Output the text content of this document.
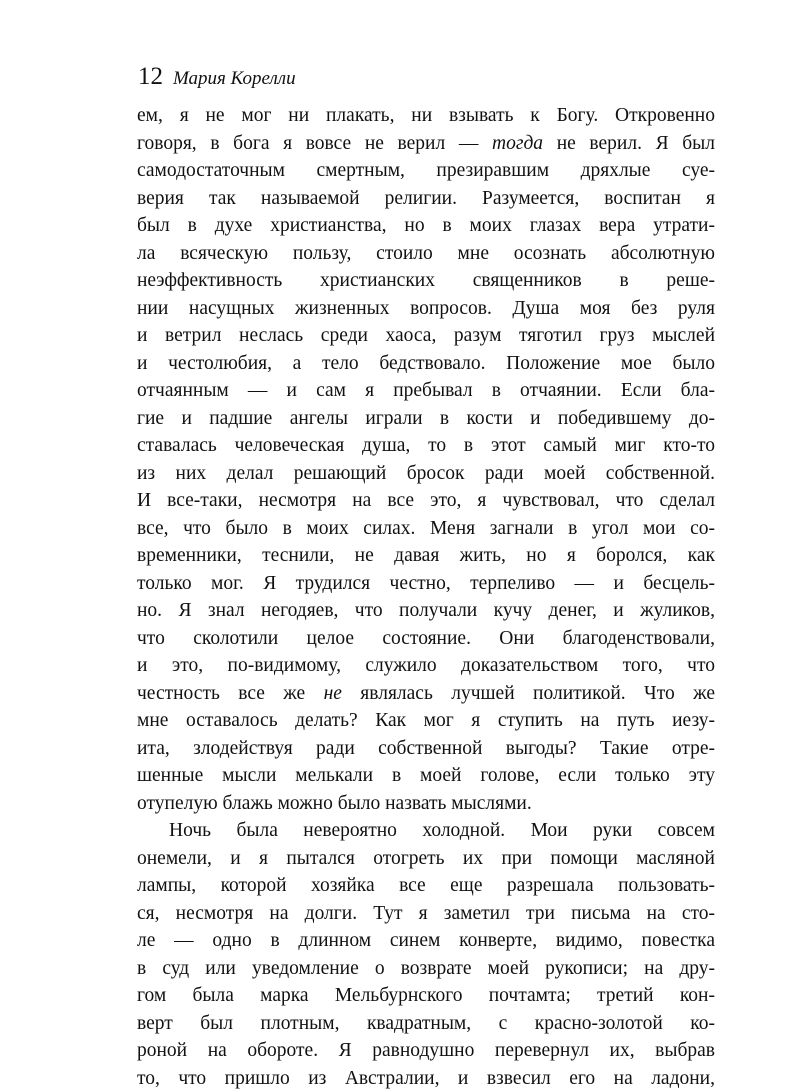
12 Мария Корелли
ем, я не мог ни плакать, ни взывать к Богу. Откровенно
говоря, в бога я вовсе не верил — тогда не верил. Я был
самодостаточным смертным, презиравшим дряхлые суе-
верия так называемой религии. Разумеется, воспитан я
был в духе христианства, но в моих глазах вера утрати-
ла всяческую пользу, стоило мне осознать абсолютную
неэффективность христианских священников в реше-
нии насущных жизненных вопросов. Душа моя без руля
и ветрил неслась среди хаоса, разум тяготил груз мыслей
и честолюбия, а тело бедствовало. Положение мое было
отчаянным — и сам я пребывал в отчаянии. Если бла-
гие и падшие ангелы играли в кости и победившему до-
ставалась человеческая душа, то в этот самый миг кто-то
из них делал решающий бросок ради моей собственной.
И все-таки, несмотря на все это, я чувствовал, что сделал
все, что было в моих силах. Меня загнали в угол мои со-
временники, теснили, не давая жить, но я боролся, как
только мог. Я трудился честно, терпеливо — и бесцель-
но. Я знал негодяев, что получали кучу денег, и жуликов,
что сколотили целое состояние. Они благоденствовали,
и это, по-видимому, служило доказательством того, что
честность все же не являлась лучшей политикой. Что же
мне оставалось делать? Как мог я ступить на путь иезу-
ита, злодействуя ради собственной выгоды? Такие отре-
шенные мысли мелькали в моей голове, если только эту
отупелую блажь можно было назвать мыслями.
Ночь была невероятно холодной. Мои руки совсем
онемели, и я пытался отогреть их при помощи масляной
лампы, которой хозяйка все еще разрешала пользовать-
ся, несмотря на долги. Тут я заметил три письма на сто-
ле — одно в длинном синем конверте, видимо, повестка
в суд или уведомление о возврате моей рукописи; на дру-
гом была марка Мельбурнского почтамта; третий кон-
верт был плотным, квадратным, с красно-золотой ко-
роной на обороте. Я равнодушно перевернул их, выбрав
то, что пришло из Австралии, и взвесил его на ладони,
